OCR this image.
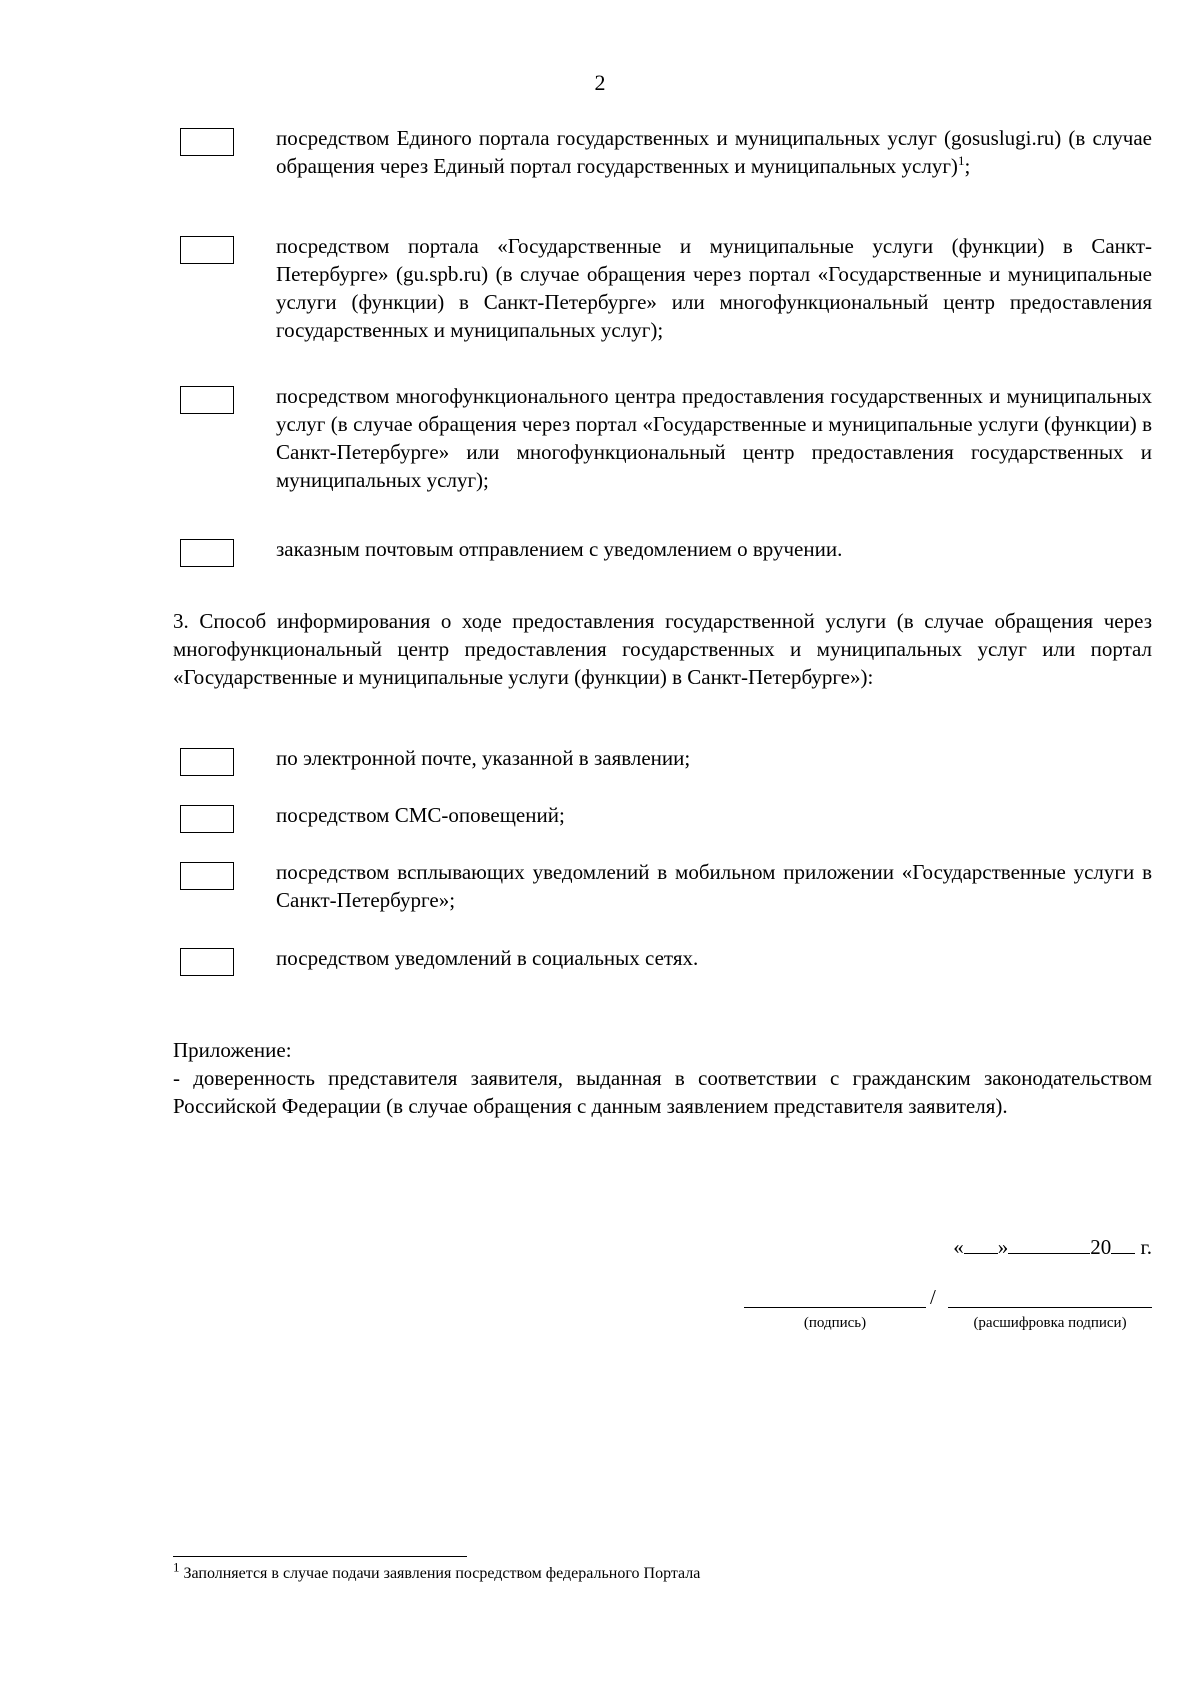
2
посредством Единого портала государственных и муниципальных услуг (gosuslugi.ru) (в случае обращения через Единый портал государственных и муниципальных услуг)$^1$;
посредством портала «Государственные и муниципальные услуги (функции) в Санкт-Петербурге» (gu.spb.ru) (в случае обращения через портал «Государственные и муниципальные услуги (функции) в Санкт-Петербурге» или многофункциональный центр предоставления государственных и муниципальных услуг);
посредством многофункционального центра предоставления государственных и муниципальных услуг (в случае обращения через портал «Государственные и муниципальные услуги (функции) в Санкт-Петербурге» или многофункциональный центр предоставления государственных и муниципальных услуг);
заказным почтовым отправлением с уведомлением о вручении.
3. Способ информирования о ходе предоставления государственной услуги (в случае обращения через многофункциональный центр предоставления государственных и муниципальных услуг или портал «Государственные и муниципальные услуги (функции) в Санкт-Петербурге»):
по электронной почте, указанной в заявлении;
посредством СМС-оповещений;
посредством всплывающих уведомлений в мобильном приложении «Государственные услуги в Санкт-Петербурге»;
посредством уведомлений в социальных сетях.
Приложение:
- доверенность представителя заявителя, выданная в соответствии с гражданским законодательством Российской Федерации (в случае обращения с данным заявлением представителя заявителя).
« »	20 г.
/
(подпись)	(расшифровка подписи)
$^1$ Заполняется в случае подачи заявления посредством федерального Портала
